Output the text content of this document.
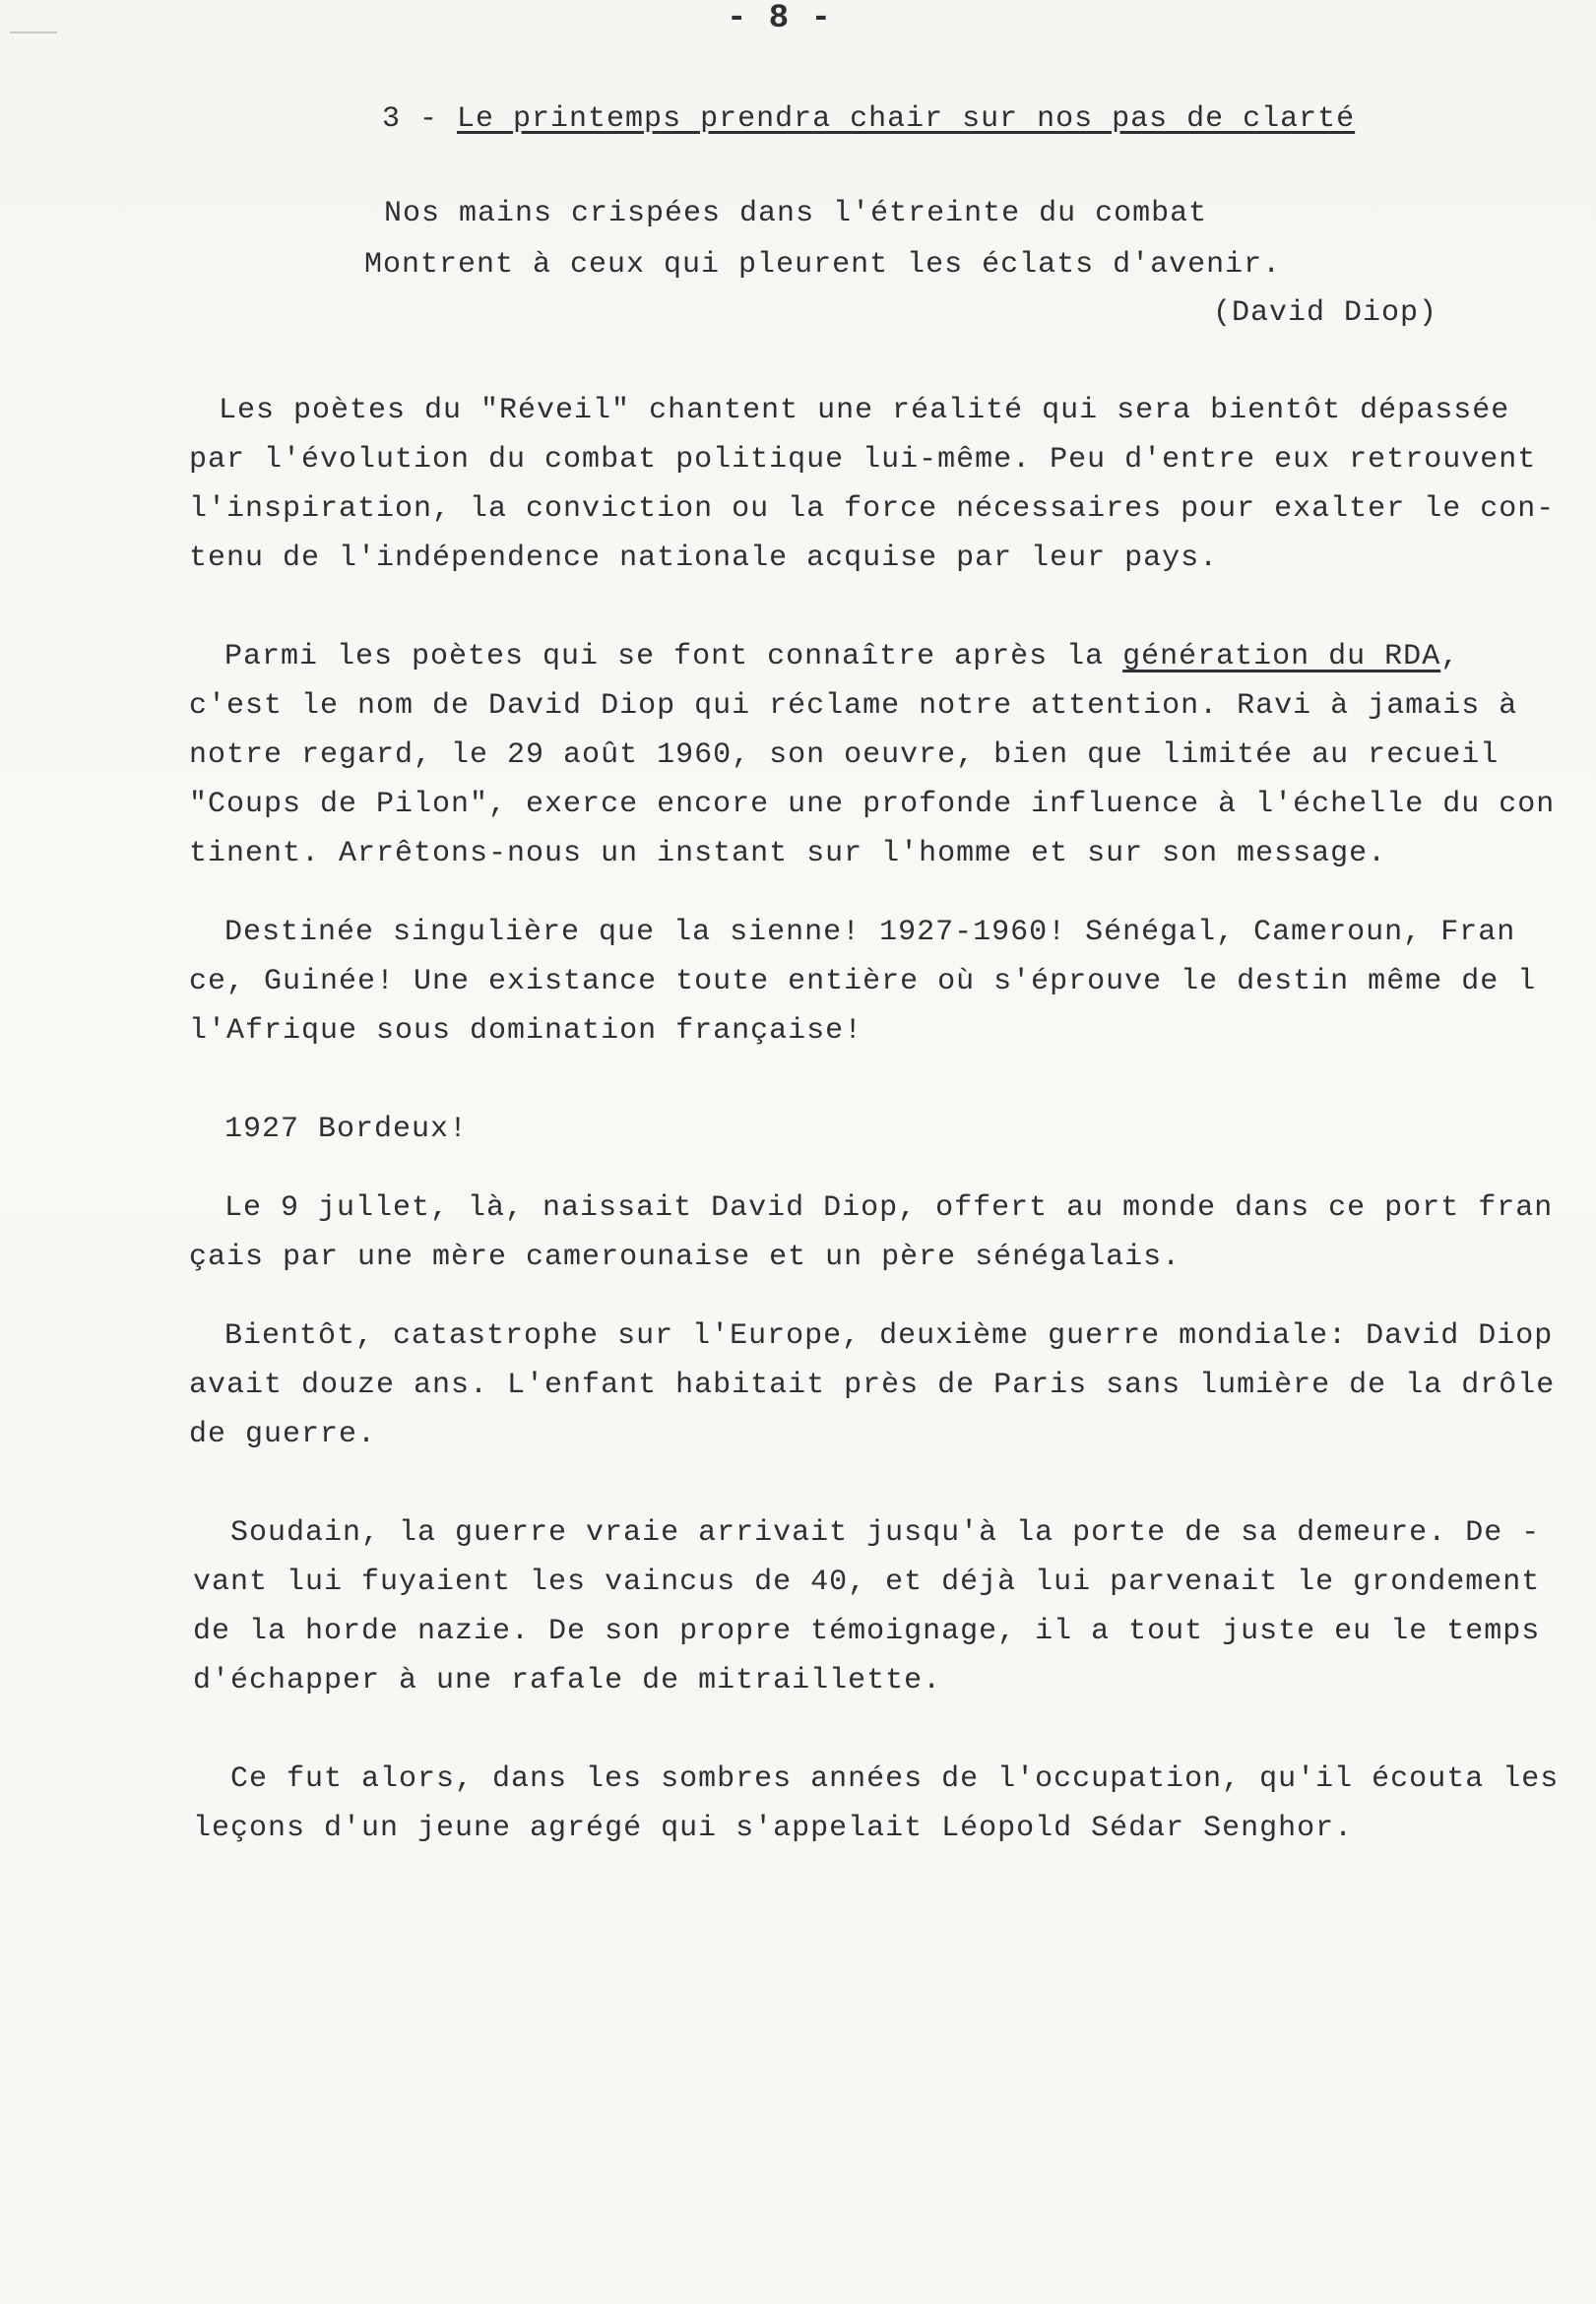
- 8 -
3 - Le printemps prendra chair sur nos pas de clarté
Nos mains crispées dans l'étreinte du combat
Montrent à ceux qui pleurent les éclats d'avenir.
(David Diop)
Les poètes du "Réveil" chantent une réalité qui sera bientôt dépassée
par l'évolution du combat politique lui-même. Peu d'entre eux retrouvent
l'inspiration, la conviction ou la force nécessaires pour exalter le con-
tenu de l'indépendence nationale acquise par leur pays.
Parmi les poètes qui se font connaître après la génération du RDA,
c'est le nom de David Diop qui réclame notre attention. Ravi à jamais à
notre regard, le 29 août 1960, son oeuvre, bien que limitée au recueil
"Coups de Pilon", exerce encore une profonde influence à l'échelle du con
tinent. Arrêtons-nous un instant sur l'homme et sur son message.
Destinée singulière que la sienne! 1927-1960! Sénégal, Cameroun, Fran
ce, Guinée! Une existance toute entière où s'éprouve le destin même de l
l'Afrique sous domination française!
1927 Bordeux!
Le 9 jullet, là, naissait David Diop, offert au monde dans ce port fran
çais par une mère camerounaise et un père sénégalais.
Bientôt, catastrophe sur l'Europe, deuxième guerre mondiale: David Diop
avait douze ans. L'enfant habitait près de Paris sans lumière de la drôle
de guerre.
Soudain, la guerre vraie arrivait jusqu'à la porte de sa demeure. De -
vant lui fuyaient les vaincus de 40, et déjà lui parvenait le grondement
de la horde nazie. De son propre témoignage, il a tout juste eu le temps
d'échapper à une rafale de mitraillette.
Ce fut alors, dans les sombres années de l'occupation, qu'il écouta les
leçons d'un jeune agrégé qui s'appelait Léopold Sédar Senghor.
